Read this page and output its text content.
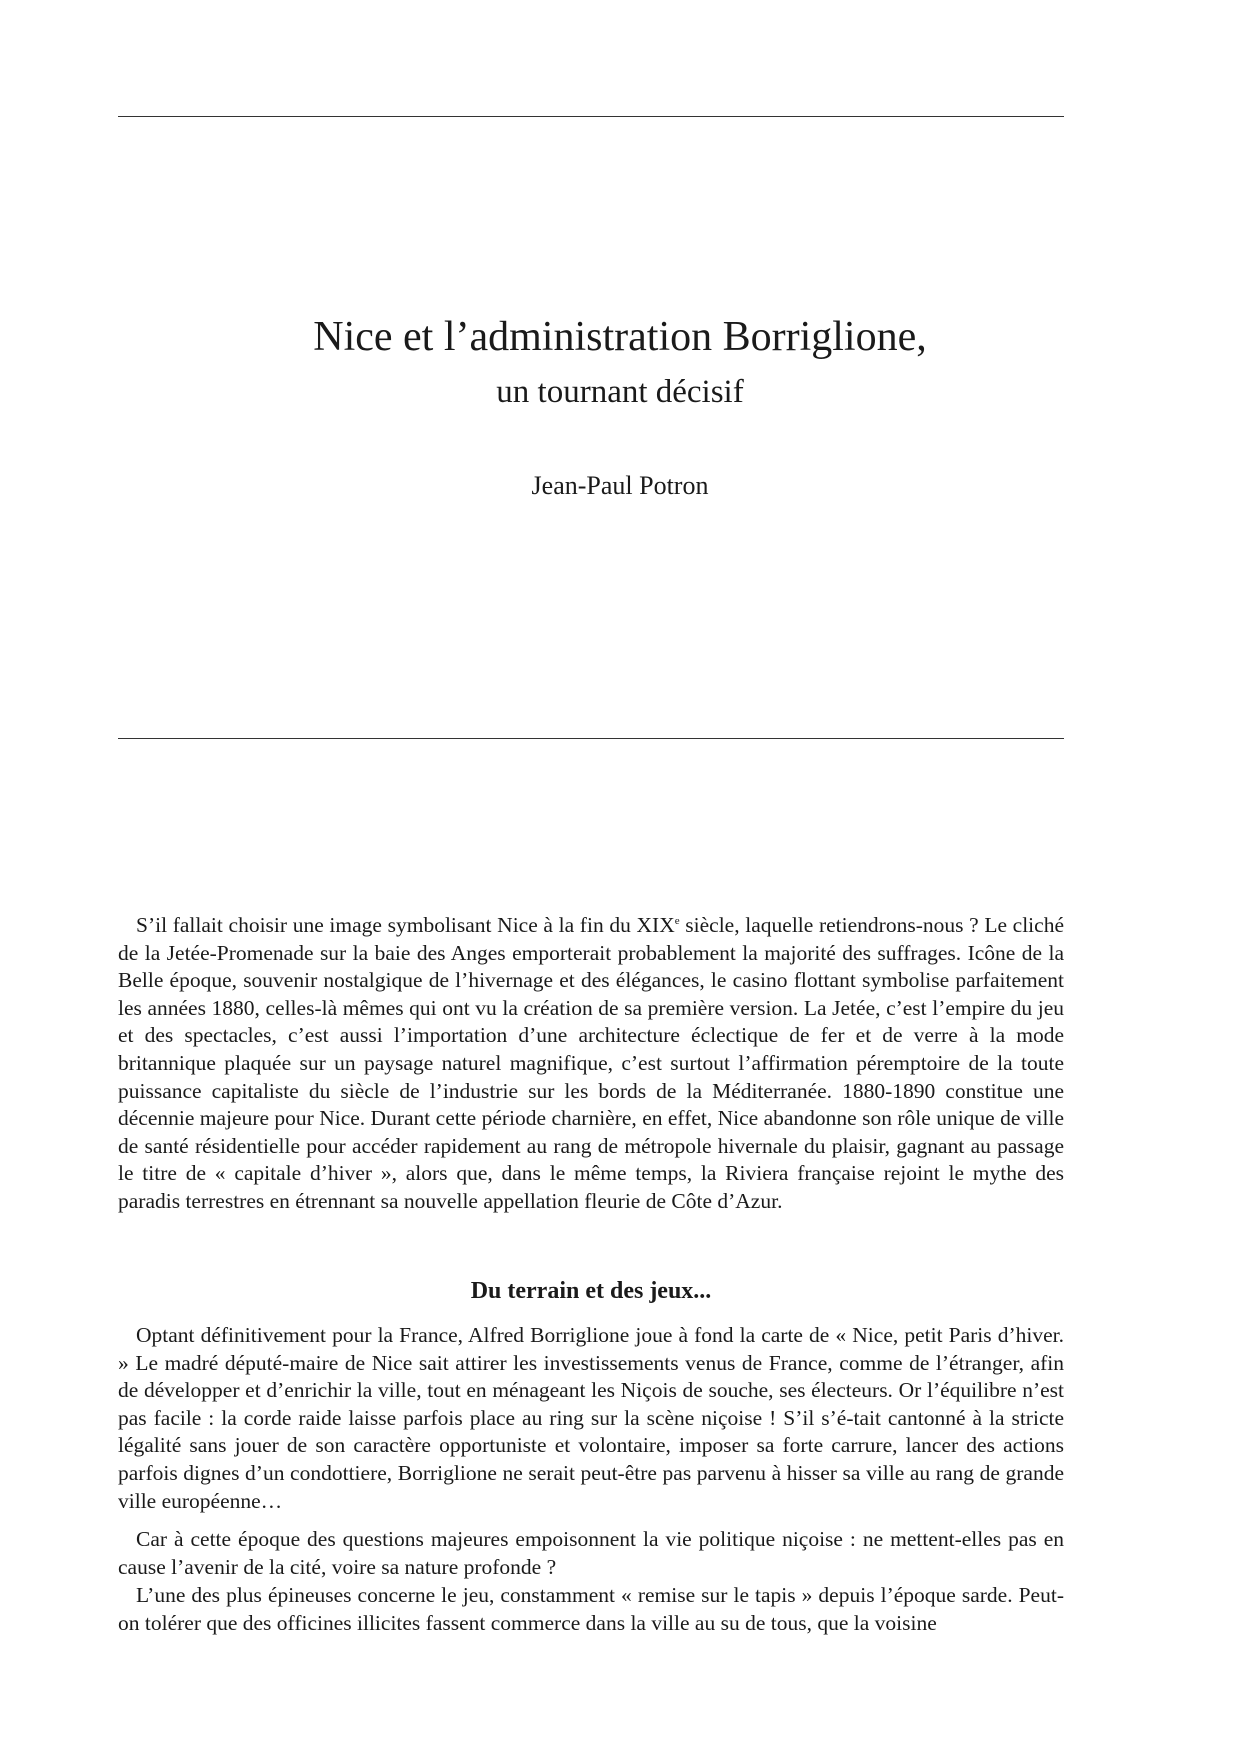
Nice et l’administration Borriglione,
un tournant décisif
Jean-Paul Potron

S’il fallait choisir une image symbolisant Nice à la fin du XIXe siècle, laquelle retiendrons-nous ? Le cliché de la Jetée-Promenade sur la baie des Anges emporterait probablement la majorité des suffrages. Icône de la Belle époque, souvenir nostalgique de l’hivernage et des élégances, le casino flottant symbolise parfaitement les années 1880, celles-là mêmes qui ont vu la création de sa première version. La Jetée, c’est l’empire du jeu et des spectacles, c’est aussi l’importation d’une architecture éclectique de fer et de verre à la mode britannique plaquée sur un paysage naturel magnifique, c’est surtout l’affirmation péremptoire de la toute puissance capitaliste du siècle de l’industrie sur les bords de la Méditerranée. 1880-1890 constitue une décennie majeure pour Nice. Durant cette période charnière, en effet, Nice abandonne son rôle unique de ville de santé résidentielle pour accéder rapidement au rang de métropole hivernale du plaisir, gagnant au passage le titre de « capitale d’hiver », alors que, dans le même temps, la Riviera française rejoint le mythe des paradis terrestres en étrennant sa nouvelle appellation fleurie de Côte d’Azur.

Du terrain et des jeux...

Optant définitivement pour la France, Alfred Borriglione joue à fond la carte de « Nice, petit Paris d’hiver. » Le madré député-maire de Nice sait attirer les investissements venus de France, comme de l’étranger, afin de développer et d’enrichir la ville, tout en ménageant les Niçois de souche, ses électeurs. Or l’équilibre n’est pas facile : la corde raide laisse parfois place au ring sur la scène niçoise ! S’il s’é-tait cantonné à la stricte légalité sans jouer de son caractère opportuniste et volontaire, imposer sa forte carrure, lancer des actions parfois dignes d’un condottiere, Borriglione ne serait peut-être pas parvenu à hisser sa ville au rang de grande ville européenne…

Car à cette époque des questions majeures empoisonnent la vie politique niçoise : ne mettent-elles pas en cause l’avenir de la cité, voire sa nature profonde ?

L’une des plus épineuses concerne le jeu, constamment « remise sur le tapis » depuis l’époque sarde. Peut-on tolérer que des officines illicites fassent commerce dans la ville au su de tous, que la voisine
